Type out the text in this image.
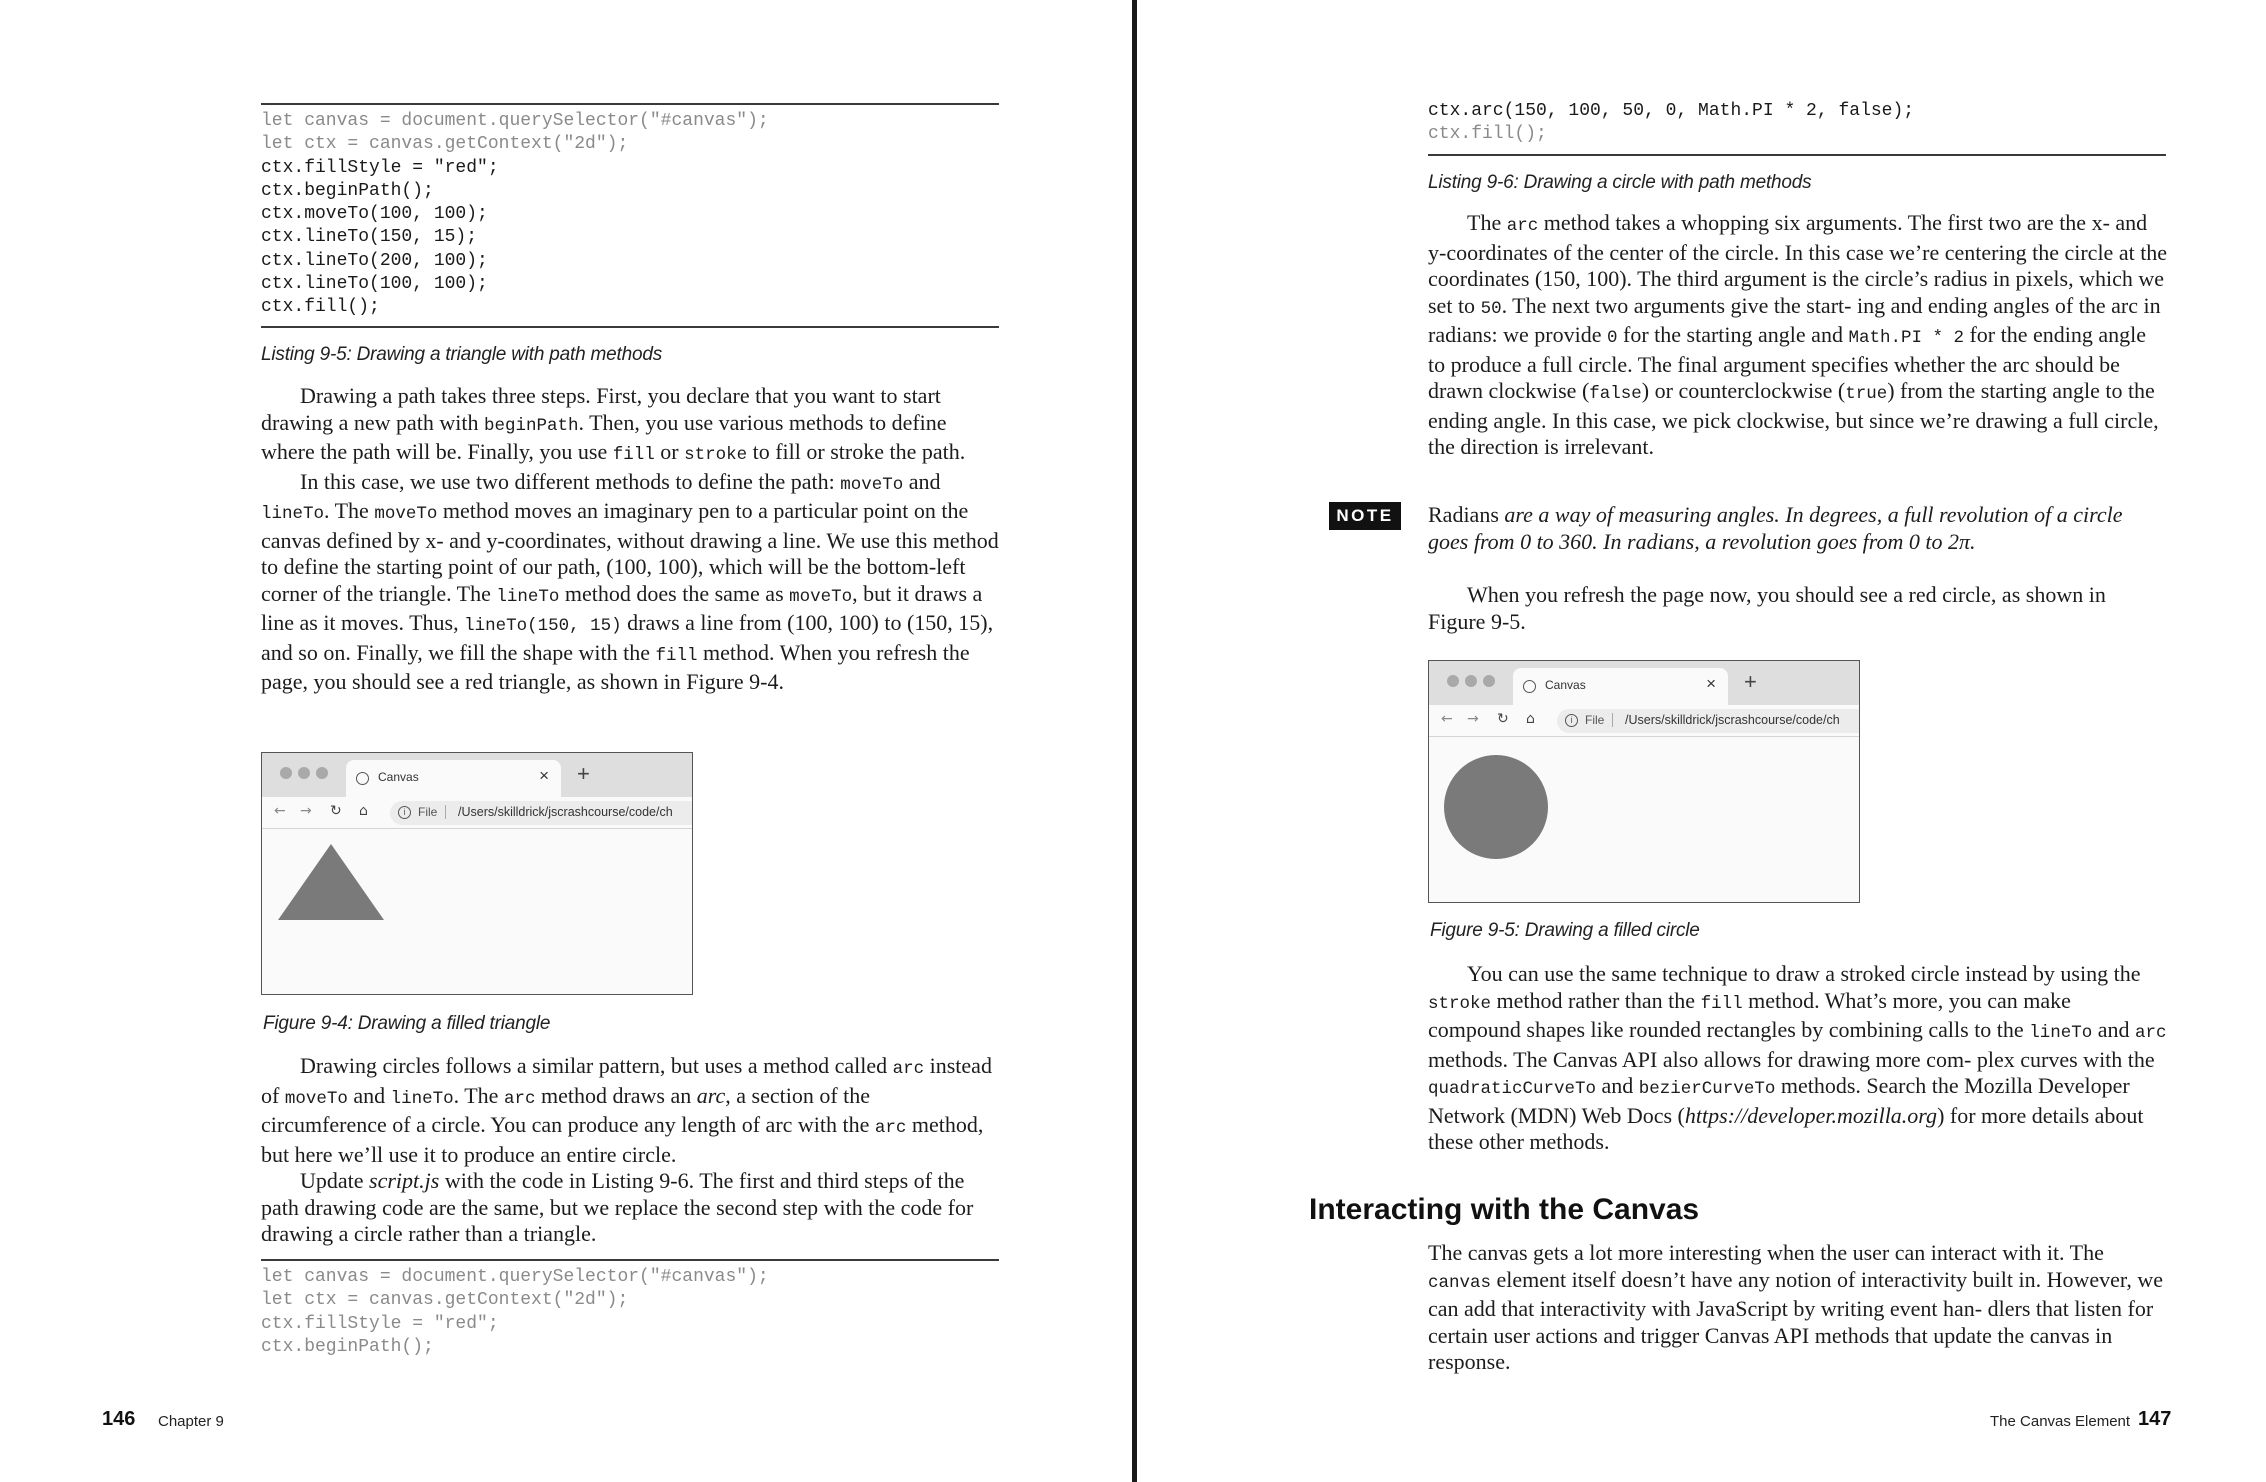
let canvas = document.querySelector("#canvas");
let ctx = canvas.getContext("2d");
ctx.fillStyle = "red";
ctx.beginPath();
ctx.moveTo(100, 100);
ctx.lineTo(150, 15);
ctx.lineTo(200, 100);
ctx.lineTo(100, 100);
ctx.fill();
Listing 9-5: Drawing a triangle with path methods

Drawing a path takes three steps. First, you declare that you want to start drawing a new path with beginPath. Then, you use various methods to define where the path will be. Finally, you use fill or stroke to fill or stroke the path.

In this case, we use two different methods to define the path: moveTo and lineTo. The moveTo method moves an imaginary pen to a particular point on the canvas defined by x- and y-coordinates, without drawing a line. We use this method to define the starting point of our path, (100, 100), which will be the bottom-left corner of the triangle. The lineTo method does the same as moveTo, but it draws a line as it moves. Thus, lineTo(150, 15) draws a line from (100, 100) to (150, 15), and so on. Finally, we fill the shape with the fill method. When you refresh the page, you should see a red triangle, as shown in Figure 9-4.

Canvas	× +
← → ↻ ⌂	i	File	/Users/skilldrick/jscrashcourse/code/ch
Figure 9-4: Drawing a filled triangle

Drawing circles follows a similar pattern, but uses a method called arc instead of moveTo and lineTo. The arc method draws an arc, a section of the circumference of a circle. You can produce any length of arc with the arc method, but here we’ll use it to produce an entire circle.

Update script.js with the code in Listing 9-6. The first and third steps of the path drawing code are the same, but we replace the second step with the code for drawing a circle rather than a triangle.

let canvas = document.querySelector("#canvas");
let ctx = canvas.getContext("2d");
ctx.fillStyle = "red";
ctx.beginPath();
146 Chapter 9
ctx.arc(150, 100, 50, 0, Math.PI * 2, false);
ctx.fill();
Listing 9-6: Drawing a circle with path methods

The arc method takes a whopping six arguments. The first two are the x- and y-coordinates of the center of the circle. In this case we’re centering the circle at the coordinates (150, 100). The third argument is the circle’s radius in pixels, which we set to 50. The next two arguments give the start- ing and ending angles of the arc in radians: we provide 0 for the starting angle and Math.PI * 2 for the ending angle to produce a full circle. The final argument specifies whether the arc should be drawn clockwise (false) or counterclockwise (true) from the starting angle to the ending angle. In this case, we pick clockwise, but since we’re drawing a full circle, the direction is irrelevant.

NOTE	Radians are a way of measuring angles. In degrees, a full revolution of a circle goes from 0 to 360. In radians, a revolution goes from 0 to 2π.

When you refresh the page now, you should see a red circle, as shown in Figure 9-5.

Canvas	× +
← → ↻ ⌂	i	File	/Users/skilldrick/jscrashcourse/code/ch
Figure 9-5: Drawing a filled circle

You can use the same technique to draw a stroked circle instead by using the stroke method rather than the fill method. What’s more, you can make compound shapes like rounded rectangles by combining calls to the lineTo and arc methods. The Canvas API also allows for drawing more com- plex curves with the quadraticCurveTo and bezierCurveTo methods. Search the Mozilla Developer Network (MDN) Web Docs (https://developer.mozilla.org) for more details about these other methods.

Interacting with the Canvas

The canvas gets a lot more interesting when the user can interact with it. The canvas element itself doesn’t have any notion of interactivity built in. However, we can add that interactivity with JavaScript by writing event han- dlers that listen for certain user actions and trigger Canvas API methods that update the canvas in response.

The Canvas Element 147
